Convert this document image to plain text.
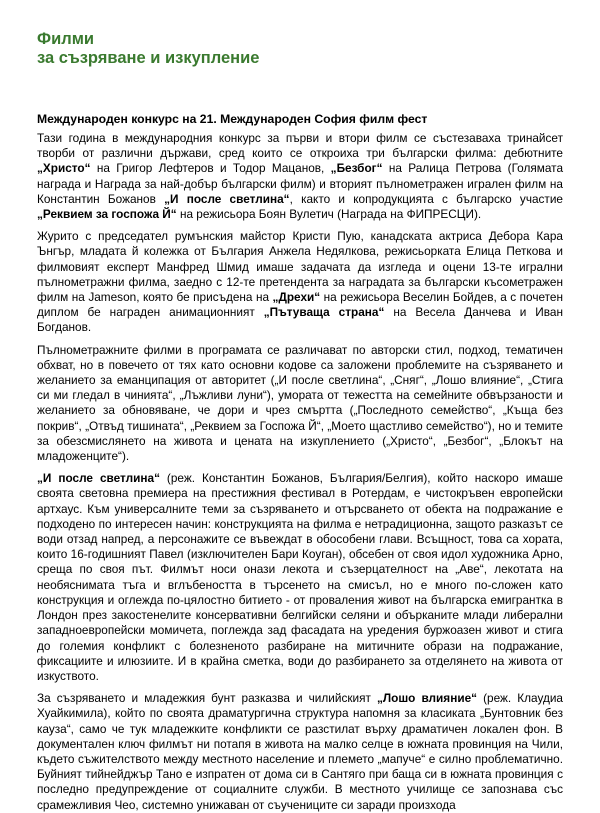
Филми
за съзряване и изкупление
Международен конкурс на 21. Международен София филм фест

Тази година в международния конкурс за първи и втори филм се състезаваха тринайсет творби от различни държави, сред които се откроиха три български филма: дебютните „Христо“ на Григор Лефтеров и Тодор Мацанов, „Безбог“ на Ралица Петрова (Голямата награда и Награда за най-добър български филм) и вторият пълнометражен игрален филм на Константин Божанов „И после светлина“, както и копродукцията с българско участие „Реквием за госпожа Й“ на режисьора Боян Вулетич (Награда на ФИПРЕСЦИ).

Журито с председател румънския майстор Кристи Пую, канадската актриса Дебора Кара Ънгър, младата й колежка от България Анжела Недялкова, режисьорката Елица Петкова и филмовият експерт Манфред Шмид имаше задачата да изгледа и оцени 13-те игрални пълнометражни филма, заедно с 12-те претендента за наградата за български късометражен филм на Jameson, която бе присъдена на „Дрехи“ на режисьора Веселин Бойдев, а с почетен диплом бе награден анимационният „Пътуваща страна“ на Весела Данчева и Иван Богданов.

Пълнометражните филми в програмата се различават по авторски стил, подход, тематичен обхват, но в повечето от тях като основни кодове са заложени проблемите на съзряването и желанието за еманципация от авторитет („И после светлина“, „Сняг“, „Лошо влияние“, „Стига си ми гледал в чинията“, „Лъжливи луни“), умората от тежестта на семейните обвързаности и желанието за обновяване, че дори и чрез смъртта („Последното семейство“, „Къща без покрив“, „Отвъд тишината“, „Реквием за Госпожа Й“, „Моето щастливо семейство“), но и темите за обезсмислянето на живота и цената на изкуплението („Христо“, „Безбог“, „Блокът на младоженците“).

„И после светлина“ (реж. Константин Божанов, България/Белгия), който наскоро имаше своята световна премиера на престижния фестивал в Ротердам, е чистокръвен европейски артхаус. Към универсалните теми за съзряването и отърсването от обекта на подражание е подходено по интересен начин: конструкцията на филма е нетрадиционна, защото разказът се води отзад напред, а персонажите се въвеждат в обособени глави. Всъщност, това са хората, които 16-годишният Павел (изключителен Бари Коуган), обсебен от своя идол художника Арно, среща по своя път. Филмът носи онази лекота и съзерцателност на „Аве“, лекотата на необяснимата тъга и вглъбеността в търсенето на смисъл, но е много по-сложен като конструкция и оглежда по-цялостно битието - от проваления живот на българска емигрантка в Лондон през закостенелите консервативни белгийски селяни и обърканите млади либерални западноевропейски момичета, поглежда зад фасадата на уредения буржоазен живот и стига до големия конфликт с болезненото разбиране на митичните образи на подражание, фиксациите и илюзиите. И в крайна сметка, води до разбирането за отделянето на живота от изкуството.

За съзряването и младежкия бунт разказва и чилийският „Лошо влияние“ (реж. Клаудиа Хуайкимила), който по своята драматургична структура напомня за класиката „Бунтовник без кауза“, само че тук младежките конфликти се разстилат върху драматичен локален фон. В документален ключ филмът ни потапя в живота на малко селце в южната провинция на Чили, където съжителството между местното население и племето „мапуче“ е силно проблематично. Буйният тийнейджър Тано е изпратен от дома си в Сантяго при баща си в южната провинция с последно предупреждение от социалните служби. В местното училище се запознава със срамежливия Чео, системно унижаван от съучениците си заради произхода
